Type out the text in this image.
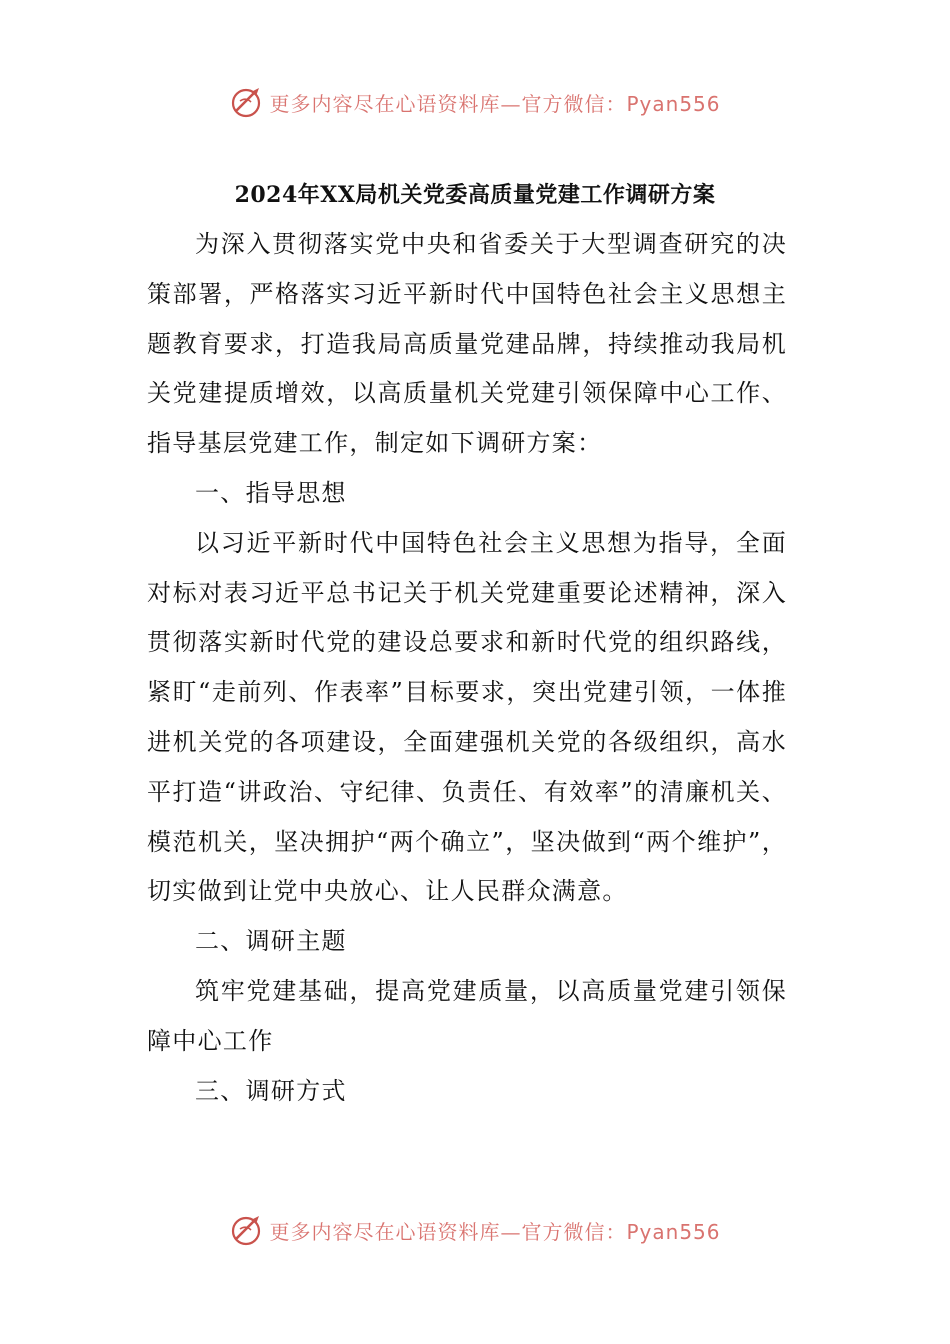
更多内容尽在心语资料库—官方微信：Pyan556
2024年XX局机关党委高质量党建工作调研方案

为深入贯彻落实党中央和省委关于大型调查研究的决策部署，严格落实习近平新时代中国特色社会主义思想主题教育要求，打造我局高质量党建品牌，持续推动我局机关党建提质增效，以高质量机关党建引领保障中心工作、指导基层党建工作，制定如下调研方案：

一、指导思想

以习近平新时代中国特色社会主义思想为指导，全面对标对表习近平总书记关于机关党建重要论述精神，深入贯彻落实新时代党的建设总要求和新时代党的组织路线，紧盯“走前列、作表率”目标要求，突出党建引领，一体推进机关党的各项建设，全面建强机关党的各级组织，高水平打造“讲政治、守纪律、负责任、有效率”的清廉机关、模范机关，坚决拥护“两个确立”，坚决做到“两个维护”，切实做到让党中央放心、让人民群众满意。

二、调研主题

筑牢党建基础，提高党建质量，以高质量党建引领保障中心工作

三、调研方式

更多内容尽在心语资料库—官方微信：Pyan556
